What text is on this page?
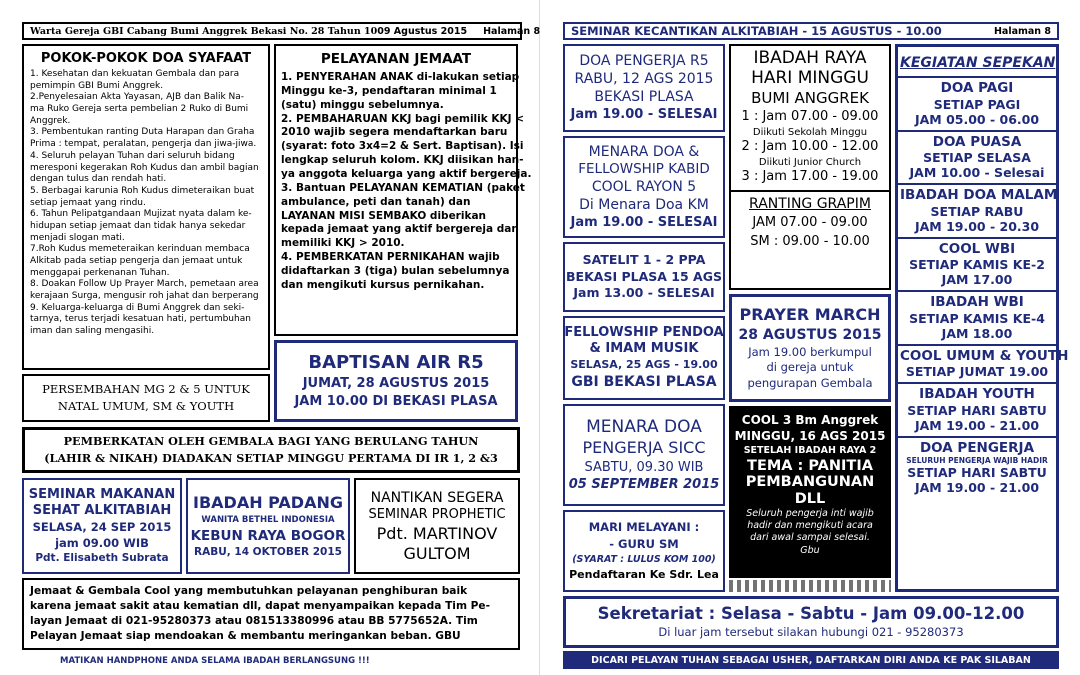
Warta Gereja GBI Cabang Bumi Anggrek Bekasi No. 28 Tahun 10 09 Agustus 2015 Halaman 8
POKOK-POKOK DOA SYAFAAT
1. Kesehatan dan kekuatan Gembala dan para
pemimpin GBI Bumi Anggrek.
2.Penyelesaian Akta Yayasan, AJB dan Balik Na-
ma Ruko Gereja serta pembelian 2 Ruko di Bumi
Anggrek.
3. Pembentukan ranting Duta Harapan dan Graha
Prima : tempat, peralatan, pengerja dan jiwa-jiwa.
4. Seluruh pelayan Tuhan dari seluruh bidang
meresponi kegerakan Roh Kudus dan ambil bagian
dengan tulus dan rendah hati.
5. Berbagai karunia Roh Kudus dimeteraikan buat
setiap jemaat yang rindu.
6. Tahun Pelipatgandaan Mujizat nyata dalam ke-
hidupan setiap jemaat dan tidak hanya sekedar
menjadi slogan mati.
7.Roh Kudus memeteraikan kerinduan membaca
Alkitab pada setiap pengerja dan jemaat untuk
menggapai perkenanan Tuhan.
8. Doakan Follow Up Prayer March, pemetaan area
kerajaan Surga, mengusir roh jahat dan berperang
9. Keluarga-keluarga di Bumi Anggrek dan seki-
tarnya, terus terjadi kesatuan hati, pertumbuhan
iman dan saling mengasihi.
PELAYANAN JEMAAT
1. PENYERAHAN ANAK di-lakukan setiap
Minggu ke-3, pendaftaran minimal 1
(satu) minggu sebelumnya.
2. PEMBAHARUAN KKJ bagi pemilik KKJ <
2010 wajib segera mendaftarkan baru
(syarat: foto 3x4=2 & Sert. Baptisan). Isi
lengkap seluruh kolom. KKJ diisikan han-
ya anggota keluarga yang aktif bergereja.
3. Bantuan PELAYANAN KEMATIAN (paket
ambulance, peti dan tanah) dan
LAYANAN MISI SEMBAKO diberikan
kepada jemaat yang aktif bergereja dan
memiliki KKJ > 2010.
4. PEMBERKATAN PERNIKAHAN wajib
didaftarkan 3 (tiga) bulan sebelumnya
dan mengikuti kursus pernikahan.
PERSEMBAHAN MG 2 & 5 UNTUK
NATAL UMUM, SM & YOUTH
BAPTISAN AIR R5
JUMAT, 28 AGUSTUS 2015
JAM 10.00 DI BEKASI PLASA
PEMBERKATAN OLEH GEMBALA BAGI YANG BERULANG TAHUN
(LAHIR & NIKAH) DIADAKAN SETIAP MINGGU PERTAMA DI IR 1, 2 &3
SEMINAR MAKANAN
SEHAT ALKITABIAH
SELASA, 24 SEP 2015
jam 09.00 WIB
Pdt. Elisabeth Subrata
IBADAH PADANG
WANITA BETHEL INDONESIA
KEBUN RAYA BOGOR
RABU, 14 OKTOBER 2015
NANTIKAN SEGERA
SEMINAR PROPHETIC
Pdt. MARTINOV
GULTOM
Jemaat & Gembala Cool yang membutuhkan pelayanan penghiburan baik
karena jemaat sakit atau kematian dll, dapat menyampaikan kepada Tim Pe-
layan Jemaat di 021-95280373 atau 081513380996 atau BB 5775652A. Tim
Pelayan Jemaat siap mendoakan & membantu meringankan beban. GBU
MATIKAN HANDPHONE ANDA SELAMA IBADAH BERLANGSUNG !!!
SEMINAR KECANTIKAN ALKITABIAH - 15 AGUSTUS - 10.00	Halaman 8
DOA PENGERJA R5
RABU, 12 AGS 2015
BEKASI PLASA
Jam 19.00 - SELESAI
MENARA DOA &
FELLOWSHIP KABID
COOL RAYON 5
Di Menara Doa KM
Jam 19.00 - SELESAI
SATELIT 1 - 2 PPA
BEKASI PLASA 15 AGS
Jam 13.00 - SELESAI
FELLOWSHIP PENDOA
& IMAM MUSIK
SELASA, 25 AGS - 19.00
GBI BEKASI PLASA
MENARA DOA
PENGERJA SICC
SABTU, 09.30 WIB
05 SEPTEMBER 2015
MARI MELAYANI :
- GURU SM
(SYARAT : LULUS KOM 100)
Pendaftaran Ke Sdr. Lea
IBADAH RAYA
HARI MINGGU
BUMI ANGGREK
1 : Jam 07.00 - 09.00
Diikuti Sekolah Minggu
2 : Jam 10.00 - 12.00
Diikuti Junior Church
3 : Jam 17.00 - 19.00
RANTING GRAPIM
JAM 07.00 - 09.00
SM : 09.00 - 10.00
PRAYER MARCH
28 AGUSTUS 2015
Jam 19.00 berkumpul
di gereja untuk
pengurapan Gembala
COOL 3 Bm Anggrek
MINGGU, 16 AGS 2015
SETELAH IBADAH RAYA 2
TEMA : PANITIA
PEMBANGUNAN
DLL
Seluruh pengerja inti wajib
hadir dan mengikuti acara
dari awal sampai selesai.
Gbu
KEGIATAN SEPEKAN
DOA PAGI
SETIAP PAGI
JAM 05.00 - 06.00
DOA PUASA
SETIAP SELASA
JAM 10.00 - Selesai
IBADAH DOA MALAM
SETIAP RABU
JAM 19.00 - 20.30
COOL WBI
SETIAP KAMIS KE-2
JAM 17.00
IBADAH WBI
SETIAP KAMIS KE-4
JAM 18.00
COOL UMUM & YOUTH
SETIAP JUMAT 19.00
IBADAH YOUTH
SETIAP HARI SABTU
JAM 19.00 - 21.00
DOA PENGERJA
SELURUH PENGERJA WAJIB HADIR
SETIAP HARI SABTU
JAM 19.00 - 21.00
Sekretariat : Selasa - Sabtu - Jam 09.00-12.00
Di luar jam tersebut silakan hubungi 021 - 95280373
DICARI PELAYAN TUHAN SEBAGAI USHER, DAFTARKAN DIRI ANDA KE PAK SILABAN
